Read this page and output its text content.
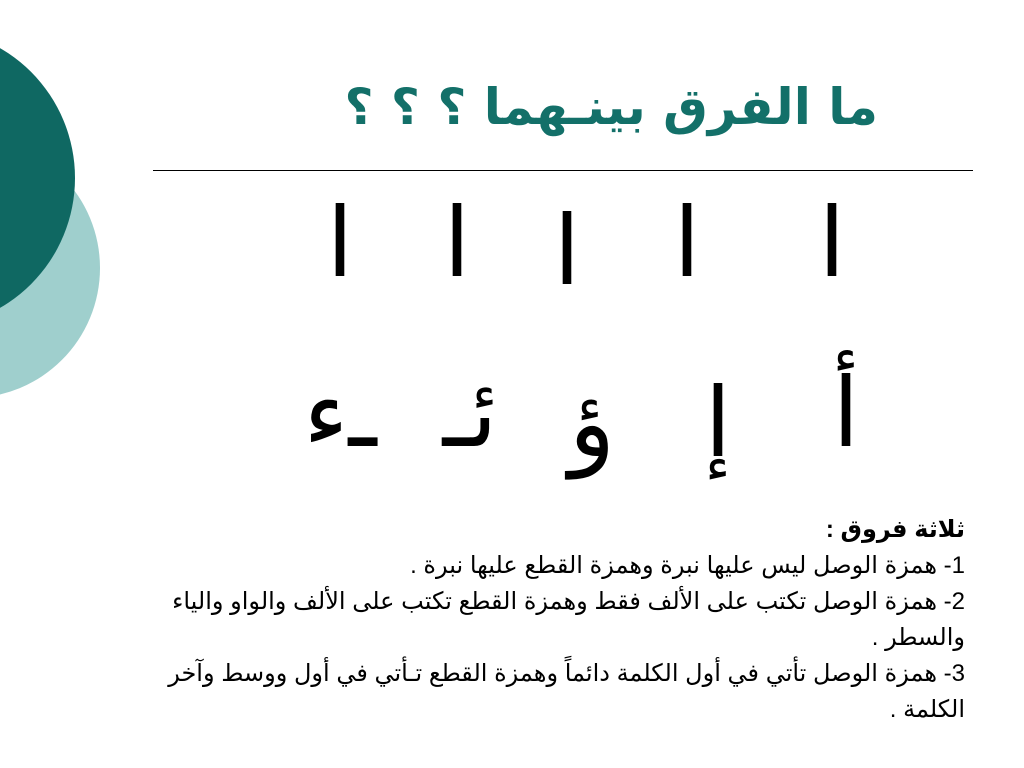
ما الفرق بينـهما ؟ ؟ ؟
ا
ا
ا
ا
ا
أ
إ
ؤ
ئـ
ـء
ثلاثة فروق :
1- همزة الوصل ليس عليها نبرة وهمزة القطع عليها نبرة .
2- همزة الوصل تكتب على الألف فقط وهمزة القطع تكتب على الألف والواو والياء والسطر .
3- همزة الوصل تأتي في أول الكلمة دائماً وهمزة القطع تـأتي في أول ووسط وآخر الكلمة .
